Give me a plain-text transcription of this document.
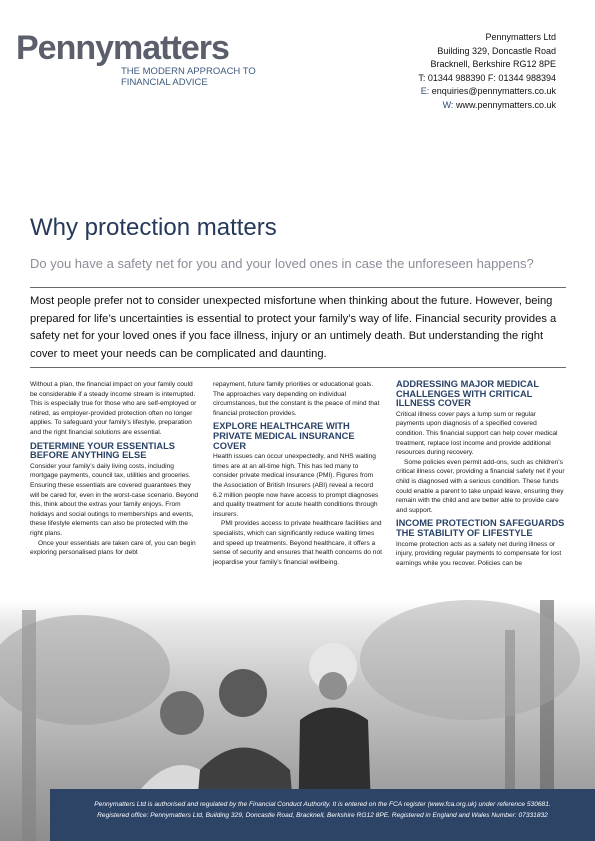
Pennymatters
THE MODERN APPROACH TO
FINANCIAL ADVICE
Pennymatters Ltd
Building 329, Doncastle Road
Bracknell, Berkshire RG12 8PE
T: 01344 988390 F: 01344 988394
E: enquiries@pennymatters.co.uk
W: www.pennymatters.co.uk
Why protection matters
Do you have a safety net for you and your loved ones in case the unforeseen happens?
Most people prefer not to consider unexpected misfortune when thinking about the future. However, being prepared for life’s uncertainties is essential to protect your family’s way of life. Financial security provides a safety net for your loved ones if you face illness, injury or an untimely death. But understanding the right cover to meet your needs can be complicated and daunting.

Without a plan, the financial impact on your family could be considerable if a steady income stream is interrupted. This is especially true for those who are self-employed or retired, as employer-provided protection often no longer applies. To safeguard your family’s lifestyle, preparation and the right financial solutions are essential.

DETERMINE YOUR ESSENTIALS BEFORE ANYTHING ELSE

Consider your family’s daily living costs, including mortgage payments, council tax, utilities and groceries. Ensuring these essentials are covered guarantees they will be cared for, even in the worst-case scenario. Beyond this, think about the extras your family enjoys. From holidays and social outings to memberships and events, these lifestyle elements can also be protected with the right plans.

Once your essentials are taken care of, you can begin exploring personalised plans for debt

repayment, future family priorities or educational goals. The approaches vary depending on individual circumstances, but the constant is the peace of mind that financial protection provides.

EXPLORE HEALTHCARE WITH PRIVATE MEDICAL INSURANCE COVER

Health issues can occur unexpectedly, and NHS waiting times are at an all-time high. This has led many to consider private medical insurance (PMI). Figures from the Association of British Insurers (ABI) reveal a record 6.2 million people now have access to prompt diagnoses and quality treatment for acute health conditions through insurers.

PMI provides access to private healthcare facilities and specialists, which can significantly reduce waiting times and speed up treatments. Beyond healthcare, it offers a sense of security and ensures that health concerns do not jeopardise your family’s financial wellbeing.

ADDRESSING MAJOR MEDICAL CHALLENGES WITH CRITICAL ILLNESS COVER

Critical illness cover pays a lump sum or regular payments upon diagnosis of a specified covered condition. This financial support can help cover medical treatment, replace lost income and provide additional resources during recovery.

Some policies even permit add-ons, such as children’s critical illness cover, providing a financial safety net if your child is diagnosed with a serious condition. These funds could enable a parent to take unpaid leave, ensuring they remain with the child and are better able to provide care and support.

INCOME PROTECTION SAFEGUARDS THE STABILITY OF LIFESTYLE

Income protection acts as a safety net during illness or injury, providing regular payments to compensate for lost earnings while you recover. Policies can be

Pennymatters Ltd is authorised and regulated by the Financial Conduct Authority. It is entered on the FCA register (www.fca.org.uk) under reference 530681.
Registered office: Pennymatters Ltd, Building 329, Doncastle Road, Bracknell, Berkshire RG12 8PE. Registered in England and Wales Number: 07331832
